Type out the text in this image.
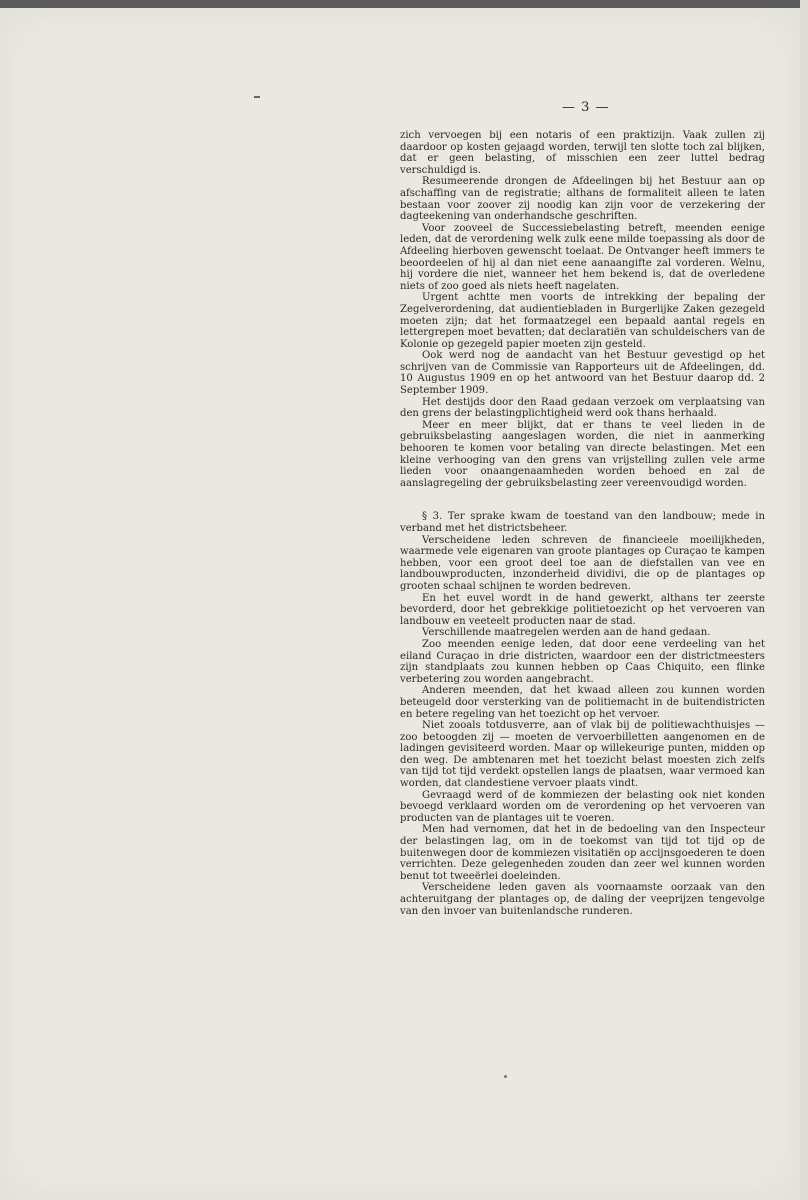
— 3 —

zich vervoegen bij een notaris of een praktizijn. Vaak zullen zij daardoor op kosten gejaagd worden, terwijl ten slotte toch zal blijken, dat er geen belasting, of misschien een zeer luttel bedrag verschuldigd is.

Resumeerende drongen de Afdeelingen bij het Bestuur aan op afschaffing van de registratie; althans de formaliteit alleen te laten bestaan voor zoover zij noodig kan zijn voor de verzekering der dagteekening van onderhandsche geschriften.

Voor zooveel de Successiebelasting betreft, meenden eenige leden, dat de verordening welk zulk eene milde toepassing als door de Afdeeling hierboven gewenscht toelaat. De Ontvanger heeft immers te beoordeelen of hij al dan niet eene aanaangifte zal vorderen. Welnu, hij vordere die niet, wanneer het hem bekend is, dat de overledene niets of zoo goed als niets heeft nagelaten.

Urgent achtte men voorts de intrekking der bepaling der Zegelverordening, dat audientiebladen in Burgerlijke Zaken gezegeld moeten zijn; dat het formaatzegel een bepaald aantal regels en lettergrepen moet bevatten; dat declaratiën van schuldeischers van de Kolonie op gezegeld papier moeten zijn gesteld.

Ook werd nog de aandacht van het Bestuur gevestigd op het schrijven van de Commissie van Rapporteurs uit de Afdeelingen, dd. 10 Augustus 1909 en op het antwoord van het Bestuur daarop dd. 2 September 1909.

Het destijds door den Raad gedaan verzoek om verplaatsing van den grens der belastingplichtigheid werd ook thans herhaald.

Meer en meer blijkt, dat er thans te veel lieden in de gebruiksbelasting aangeslagen worden, die niet in aanmerking behooren te komen voor betaling van directe belastingen. Met een kleine verhooging van den grens van vrijstelling zullen vele arme lieden voor onaangenaamheden worden behoed en zal de aanslagregeling der gebruiksbelasting zeer vereenvoudigd worden.

§ 3. Ter sprake kwam de toestand van den landbouw; mede in verband met het districtsbeheer.

Verscheidene leden schreven de financieele moeilijkheden, waarmede vele eigenaren van groote plantages op Curaçao te kampen hebben, voor een groot deel toe aan de diefstallen van vee en landbouwproducten, inzonderheid dividivi, die op de plantages op grooten schaal schijnen te worden bedreven.

En het euvel wordt in de hand gewerkt, althans ter zeerste bevorderd, door het gebrekkige politietoezicht op het vervoeren van landbouw en veeteelt producten naar de stad.

Verschillende maatregelen werden aan de hand gedaan.

Zoo meenden eenige leden, dat door eene verdeeling van het eiland Curaçao in drie districten, waardoor een der districtmeesters zijn standplaats zou kunnen hebben op Caas Chiquito, een flinke verbetering zou worden aangebracht.

Anderen meenden, dat het kwaad alleen zou kunnen worden beteugeld door versterking van de politiemacht in de buitendistricten en betere regeling van het toezicht op het vervoer.

Niet zooals totdusverre, aan of vlak bij de politiewachthuisjes — zoo betoogden zij — moeten de vervoerbilletten aangenomen en de ladingen gevisiteerd worden. Maar op willekeurige punten, midden op den weg. De ambtenaren met het toezicht belast moesten zich zelfs van tijd tot tijd verdekt opstellen langs de plaatsen, waar vermoed kan worden, dat clandestiene vervoer plaats vindt.

Gevraagd werd of de kommiezen der belasting ook niet konden bevoegd verklaard worden om de verordening op het vervoeren van producten van de plantages uit te voeren.

Men had vernomen, dat het in de bedoeling van den Inspecteur der belastingen lag, om in de toekomst van tijd tot tijd op de buitenwegen door de kommiezen visitatiën op accijnsgoederen te doen verrichten. Deze gelegenheden zouden dan zeer wel kunnen worden benut tot tweeërlei doeleinden.

Verscheidene leden gaven als voornaamste oorzaak van den achteruitgang der plantages op, de daling der veeprijzen tengevolge van den invoer van buitenlandsche runderen.
